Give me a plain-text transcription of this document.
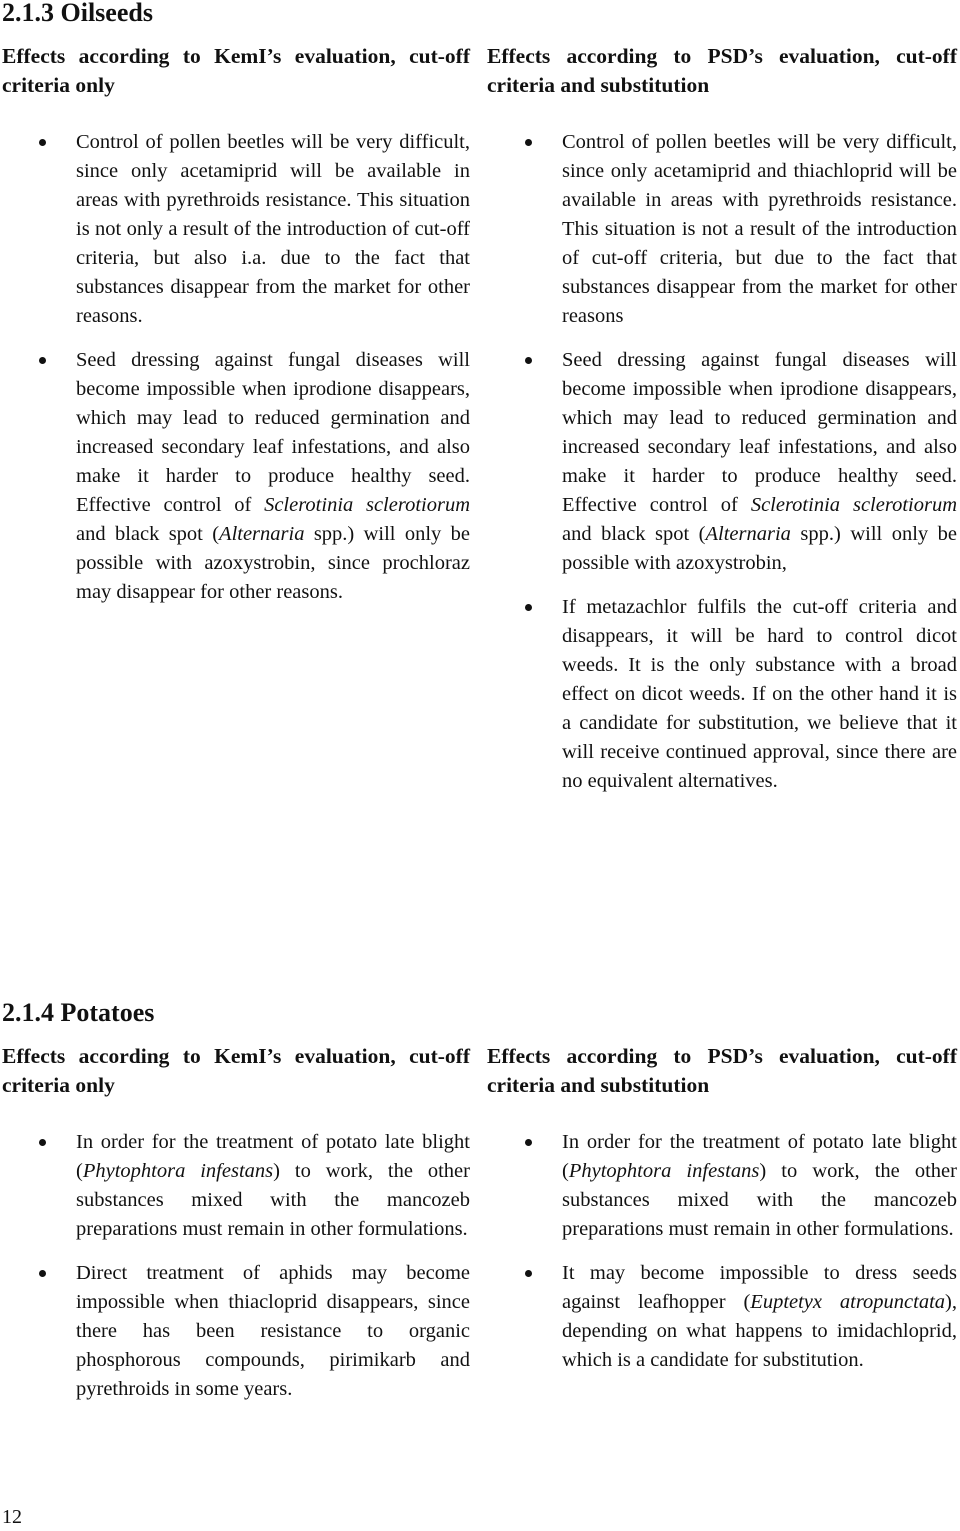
2.1.3 Oilseeds

Effects according to KemI’s evaluation, cut-off criteria only

Control of pollen beetles will be very difficult, since only acetamiprid will be available in areas with pyrethroids resistance. This situation is not only a result of the introduction of cut-off criteria, but also i.a. due to the fact that substances disappear from the market for other reasons.
Seed dressing against fungal diseases will become impossible when iprodione disappears, which may lead to reduced germination and increased secondary leaf infestations, and also make it harder to produce healthy seed. Effective control of Sclerotinia sclerotiorum and black spot (Alternaria spp.) will only be possible with azoxystrobin, since prochloraz may disappear for other reasons.

Effects according to PSD’s evaluation, cut-off criteria and substitution

Control of pollen beetles will be very difficult, since only acetamiprid and thiachloprid will be available in areas with pyrethroids resistance. This situation is not a result of the introduction of cut-off criteria, but due to the fact that substances disappear from the market for other reasons
Seed dressing against fungal diseases will become impossible when iprodione disappears, which may lead to reduced germination and increased secondary leaf infestations, and also make it harder to produce healthy seed. Effective control of Sclerotinia sclerotiorum and black spot (Alternaria spp.) will only be possible with azoxystrobin,
If metazachlor fulfils the cut-off criteria and disappears, it will be hard to control dicot weeds. It is the only substance with a broad effect on dicot weeds. If on the other hand it is a candidate for substitution, we believe that it will receive continued approval, since there are no equivalent alternatives.
2.1.4 Potatoes

Effects according to KemI’s evaluation, cut-off criteria only

In order for the treatment of potato late blight (Phytophtora infestans) to work, the other substances mixed with the mancozeb preparations must remain in other formulations.
Direct treatment of aphids may become impossible when thiacloprid disappears, since there has been resistance to organic phosphorous compounds, pirimikarb and pyrethroids in some years.

Effects according to PSD’s evaluation, cut-off criteria and substitution

In order for the treatment of potato late blight (Phytophtora infestans) to work, the other substances mixed with the mancozeb preparations must remain in other formulations.
It may become impossible to dress seeds against leafhopper (Euptetyx atropunctata), depending on what happens to imidachloprid, which is a candidate for substitution.

12
